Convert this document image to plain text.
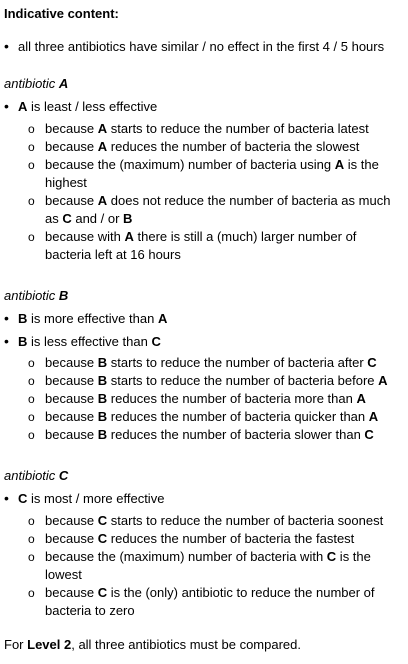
Indicative content:
• all three antibiotics have similar / no effect in the first 4 / 5 hours
antibiotic A
• A is least / less effective
o because A starts to reduce the number of bacteria latest
o because A reduces the number of bacteria the slowest
o because the (maximum) number of bacteria using A is the highest
o because A does not reduce the number of bacteria as much as C and / or B
o because with A there is still a (much) larger number of bacteria left at 16 hours
antibiotic B
• B is more effective than A
• B is less effective than C
o because B starts to reduce the number of bacteria after C
o because B starts to reduce the number of bacteria before A
o because B reduces the number of bacteria more than A
o because B reduces the number of bacteria quicker than A
o because B reduces the number of bacteria slower than C
antibiotic C
• C is most / more effective
o because C starts to reduce the number of bacteria soonest
o because C reduces the number of bacteria the fastest
o because the (maximum) number of bacteria with C is the lowest
o because C is the (only) antibiotic to reduce the number of bacteria to zero
For Level 2, all three antibiotics must be compared.
